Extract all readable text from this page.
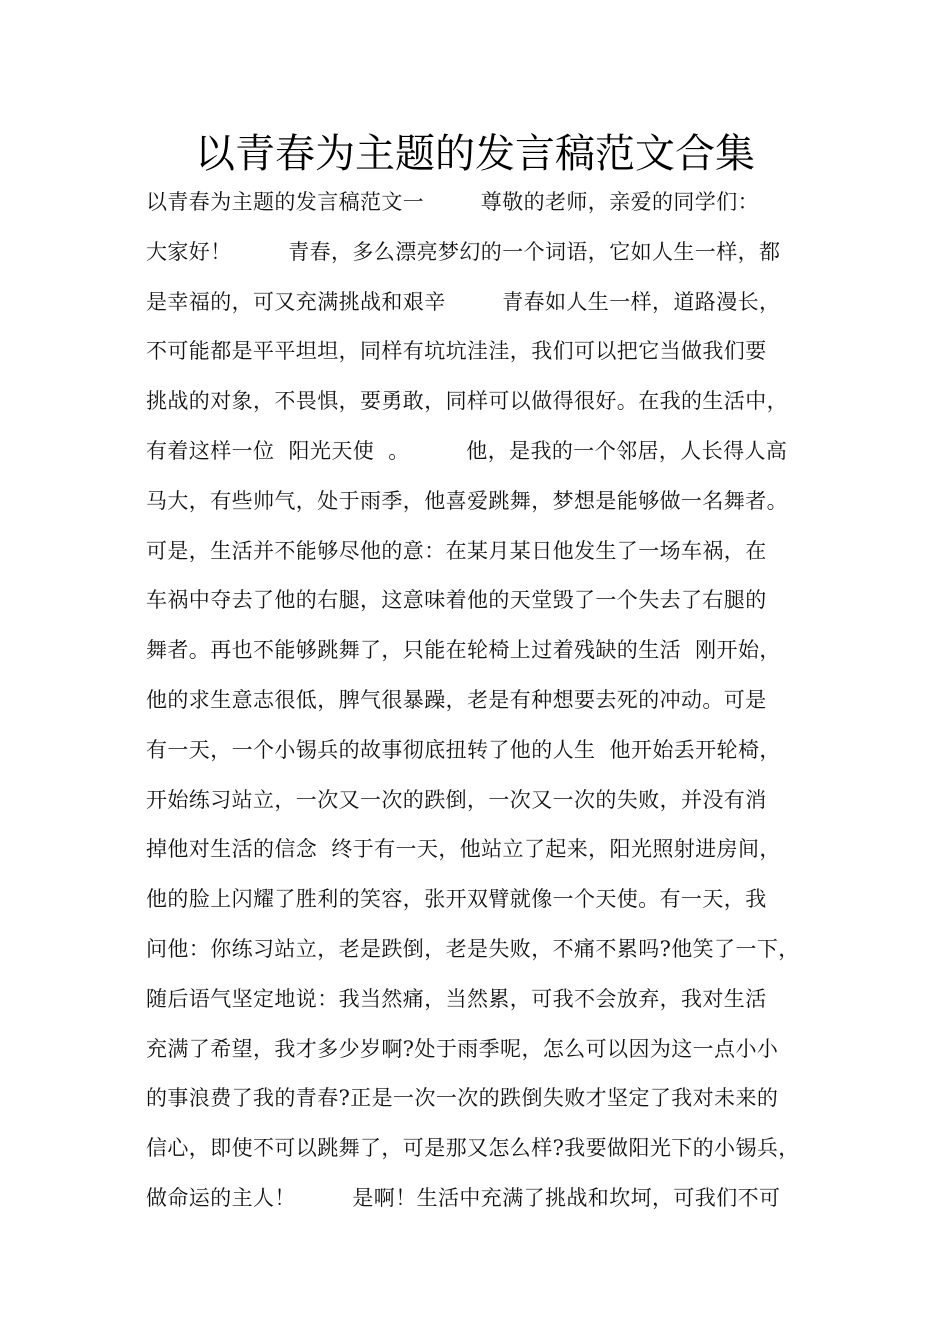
以青春为主题的发言稿范文合集
以青春为主题的发言稿范文一        尊敬的老师，亲爱的同学们：
大家好！        青春，多么漂亮梦幻的一个词语，它如人生一样，都
是幸福的，可又充满挑战和艰辛        青春如人生一样，道路漫长，
不可能都是平平坦坦，同样有坑坑洼洼，我们可以把它当做我们要
挑战的对象，不畏惧，要勇敢，同样可以做得很好。在我的生活中，
有着这样一位  阳光天使  。        他，是我的一个邻居，人长得人高
马大，有些帅气，处于雨季，他喜爱跳舞，梦想是能够做一名舞者。
可是，生活并不能够尽他的意：在某月某日他发生了一场车祸，在
车祸中夺去了他的右腿，这意味着他的天堂毁了一个失去了右腿的
舞者。再也不能够跳舞了，只能在轮椅上过着残缺的生活  刚开始，
他的求生意志很低，脾气很暴躁，老是有种想要去死的冲动。可是
有一天，一个小锡兵的故事彻底扭转了他的人生  他开始丢开轮椅，
开始练习站立，一次又一次的跌倒，一次又一次的失败，并没有消
掉他对生活的信念  终于有一天，他站立了起来，阳光照射进房间，
他的脸上闪耀了胜利的笑容，张开双臂就像一个天使。有一天，我
问他：你练习站立，老是跌倒，老是失败，不痛不累吗?他笑了一下，
随后语气坚定地说：我当然痛，当然累，可我不会放弃，我对生活
充满了希望，我才多少岁啊?处于雨季呢，怎么可以因为这一点小小
的事浪费了我的青春?正是一次一次的跌倒失败才坚定了我对未来的
信心，即使不可以跳舞了，可是那又怎么样?我要做阳光下的小锡兵，
做命运的主人！        是啊！生活中充满了挑战和坎坷，可我们不可
